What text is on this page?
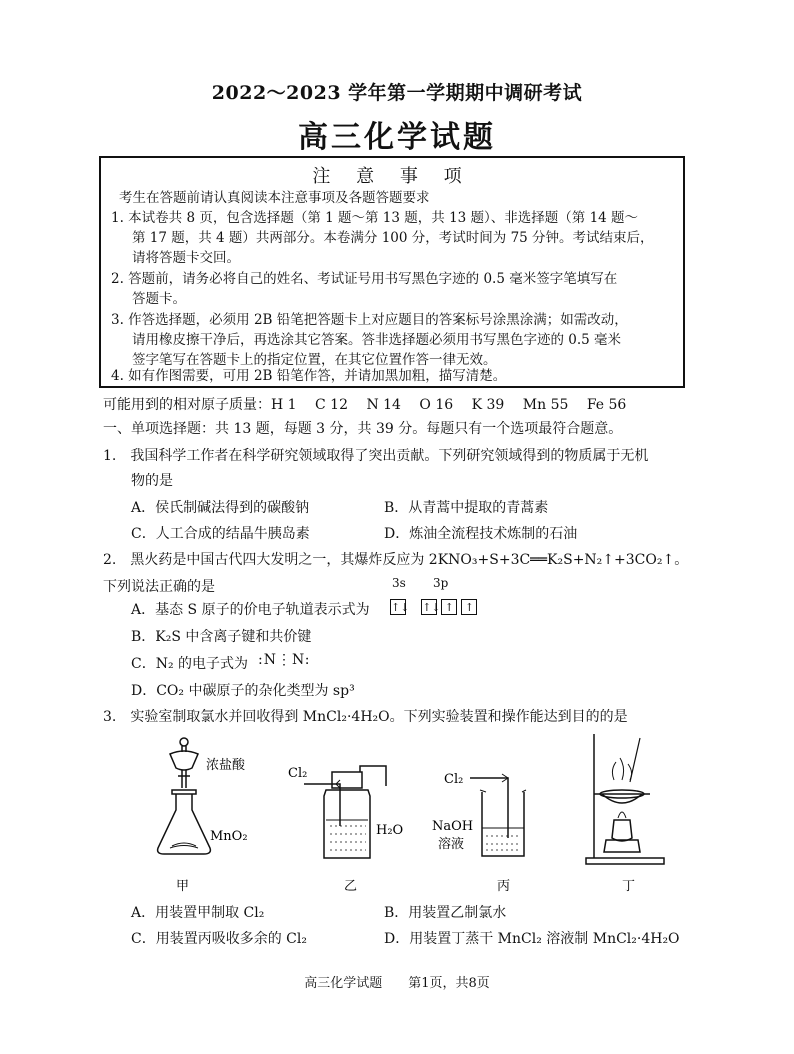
2022～2023 学年第一学期期中调研考试
高三化学试题
注 意 事 项
考生在答题前请认真阅读本注意事项及各题答题要求
1. 本试卷共 8 页，包含选择题（第 1 题～第 13 题，共 13 题）、非选择题（第 14 题～
第 17 题，共 4 题）共两部分。本卷满分 100 分，考试时间为 75 分钟。考试结束后，
请将答题卡交回。
2. 答题前，请务必将自己的姓名、考试证号用书写黑色字迹的 0.5 毫米签字笔填写在
答题卡。
3. 作答选择题，必须用 2B 铅笔把答题卡上对应题目的答案标号涂黑涂满；如需改动，
请用橡皮擦干净后，再选涂其它答案。答非选择题必须用书写黑色字迹的 0.5 毫米
签字笔写在答题卡上的指定位置，在其它位置作答一律无效。
4. 如有作图需要，可用 2B 铅笔作答，并请加黑加粗，描写清楚。
可能用到的相对原子质量：H 1　 C 12　 N 14　 O 16　 K 39　 Mn 55　 Fe 56
一、单项选择题：共 13 题，每题 3 分，共 39 分。每题只有一个选项最符合题意。
1.　我国科学工作者在科学研究领域取得了突出贡献。下列研究领域得到的物质属于无机
物的是
A．侯氏制碱法得到的碳酸钠	B．从青蒿中提取的青蒿素
C．人工合成的结晶牛胰岛素	D．炼油全流程技术炼制的石油
2.　黑火药是中国古代四大发明之一，其爆炸反应为 2KNO₃+S+3C══K₂S+N₂↑+3CO₂↑。
3s 3p
下列说法正确的是
A．基态 S 原子的价电子轨道表示式为 ↑↓ ↑↓ ↑ ↑
B．K₂S 中含离子键和共价键
C．N₂ 的电子式为 :N⋮N:
D．CO₂ 中碳原子的杂化类型为 sp³
3.　实验室制取氯水并回收得到 MnCl₂·4H₂O。下列实验装置和操作能达到目的的是
浓盐酸
MnO₂
Cl₂
H₂O
Cl₂
NaOH
溶液
甲	乙	丙	丁
A．用装置甲制取 Cl₂	B．用装置乙制氯水
C．用装置丙吸收多余的 Cl₂	D．用装置丁蒸干 MnCl₂ 溶液制 MnCl₂·4H₂O
高三化学试题　　第1页，共8页
